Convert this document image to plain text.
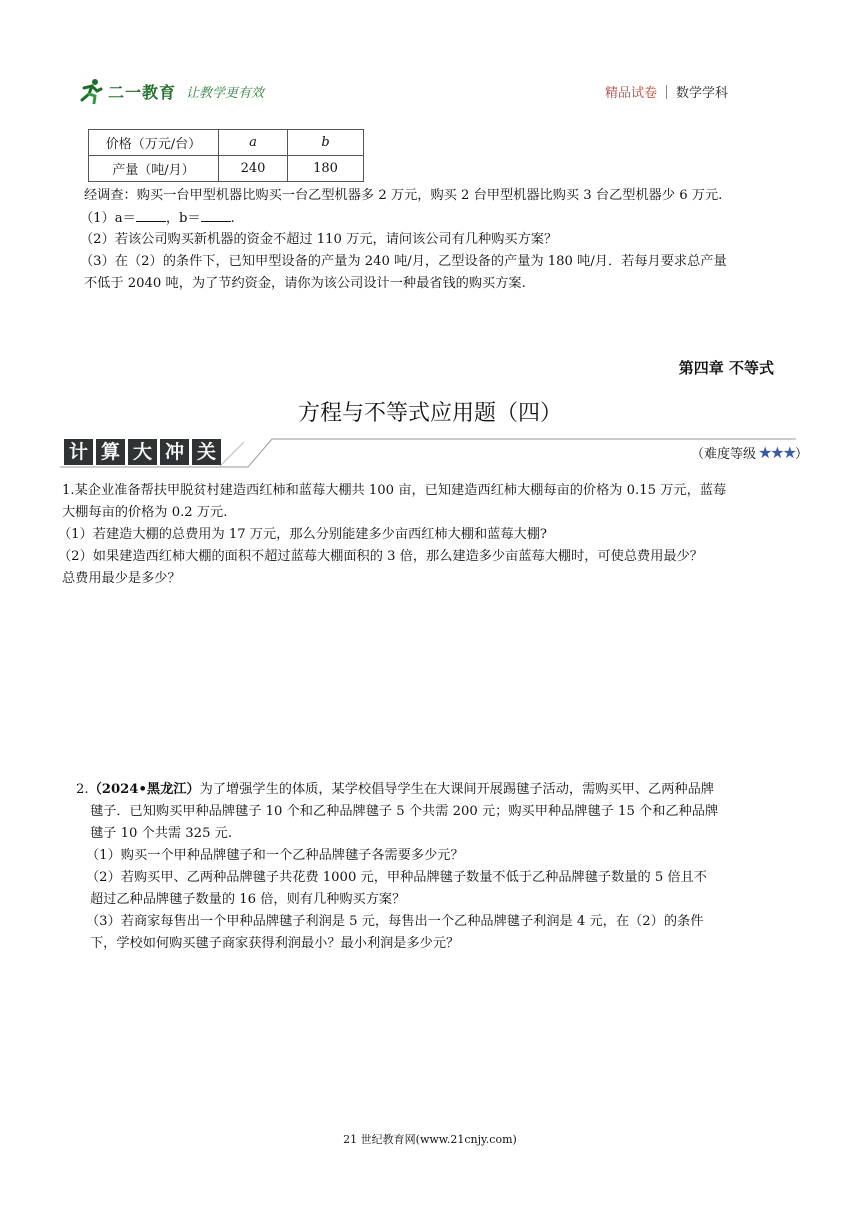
二一教育 让教学更有效	精品试卷 数学学科
价格（万元/台）	a	b
产量（吨/月）	240	180
经调查：购买一台甲型机器比购买一台乙型机器多 2 万元，购买 2 台甲型机器比购买 3 台乙型机器少 6 万元.
（1）a＝ ，b＝ .
（2）若该公司购买新机器的资金不超过 110 万元，请问该公司有几种购买方案？
（3）在（2）的条件下，已知甲型设备的产量为 240 吨/月，乙型设备的产量为 180 吨/月．若每月要求总产量
不低于 2040 吨，为了节约资金，请你为该公司设计一种最省钱的购买方案.
第四章 不等式
方程与不等式应用题（四）
计 算 大 冲 关	（难度等级 ★★★ ）
1.某企业准备帮扶甲脱贫村建造西红柿和蓝莓大棚共 100 亩，已知建造西红柿大棚每亩的价格为 0.15 万元，蓝莓
大棚每亩的价格为 0.2 万元.
（1）若建造大棚的总费用为 17 万元，那么分别能建多少亩西红柿大棚和蓝莓大棚?
（2）如果建造西红柿大棚的面积不超过蓝莓大棚面积的 3 倍，那么建造多少亩蓝莓大棚时，可使总费用最少？
总费用最少是多少？
2.（2024•黑龙江）为了增强学生的体质，某学校倡导学生在大课间开展踢毽子活动，需购买甲、乙两种品牌
毽子．已知购买甲种品牌毽子 10 个和乙种品牌毽子 5 个共需 200 元；购买甲种品牌毽子 15 个和乙种品牌
毽子 10 个共需 325 元.
（1）购买一个甲种品牌毽子和一个乙种品牌毽子各需要多少元？
（2）若购买甲、乙两种品牌毽子共花费 1000 元，甲种品牌毽子数量不低于乙种品牌毽子数量的 5 倍且不
超过乙种品牌毽子数量的 16 倍，则有几种购买方案？
（3）若商家每售出一个甲种品牌毽子利润是 5 元，每售出一个乙种品牌毽子利润是 4 元，在（2）的条件
下，学校如何购买毽子商家获得利润最小？最小利润是多少元？
21 世纪教育网(www.21cnjy.com)
